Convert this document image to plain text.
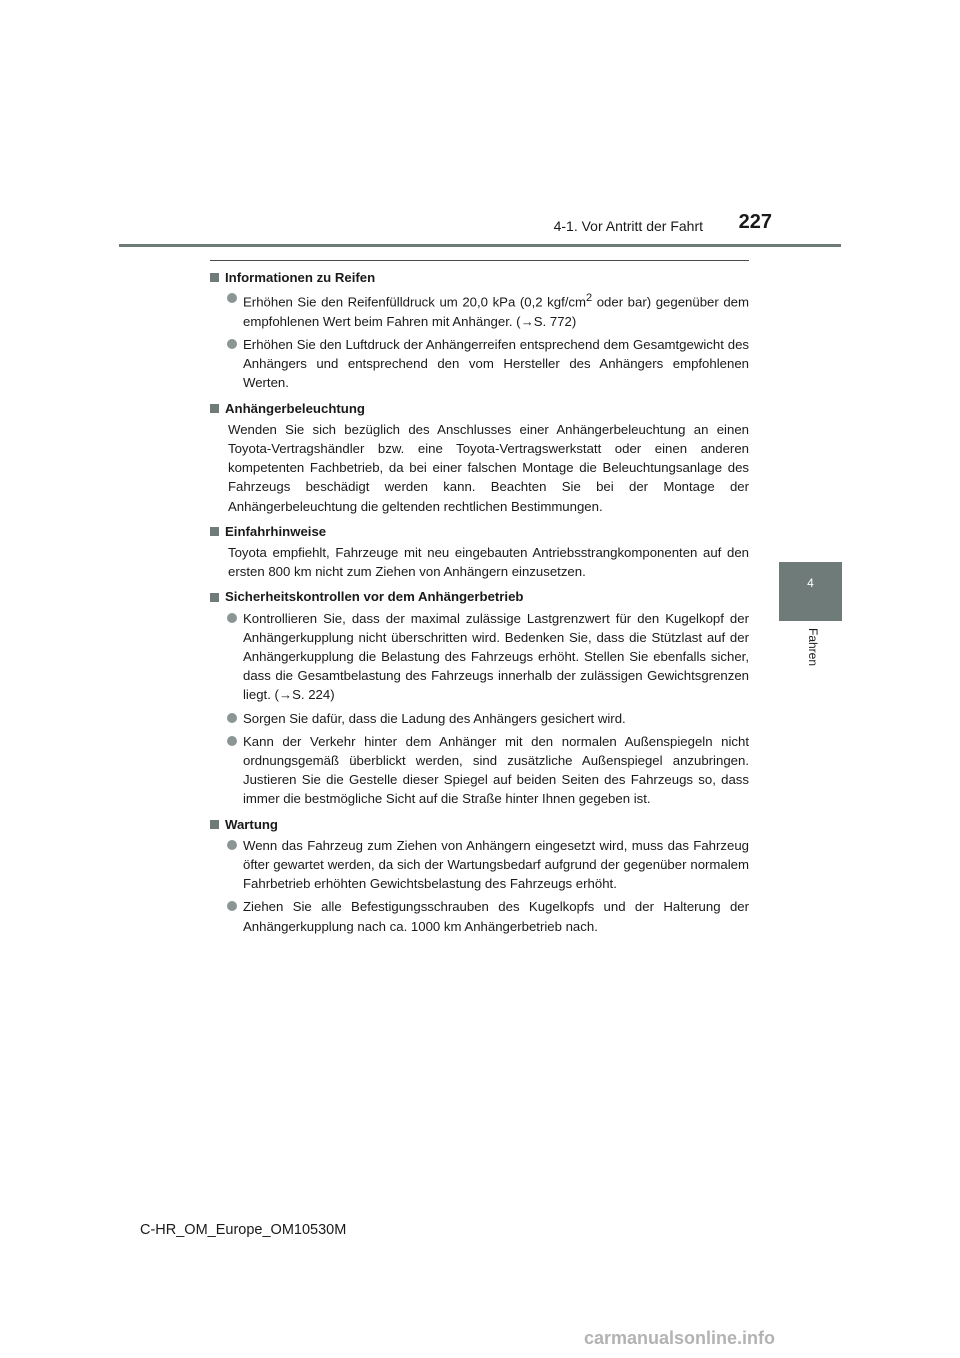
4-1. Vor Antritt der Fahrt	227
4
Fahren
Informationen zu Reifen
Erhöhen Sie den Reifenfülldruck um 20,0 kPa (0,2 kgf/$cm^2$ oder bar) gegenüber dem empfohlenen Wert beim Fahren mit Anhänger. (→S. 772)
Erhöhen Sie den Luftdruck der Anhängerreifen entsprechend dem Gesamtgewicht des Anhängers und entsprechend den vom Hersteller des Anhängers empfohlenen Werten.
Anhängerbeleuchtung
Wenden Sie sich bezüglich des Anschlusses einer Anhängerbeleuchtung an einen Toyota-Vertragshändler bzw. eine Toyota-Vertragswerkstatt oder einen anderen kompetenten Fachbetrieb, da bei einer falschen Montage die Beleuchtungsanlage des Fahrzeugs beschädigt werden kann. Beachten Sie bei der Montage der Anhängerbeleuchtung die geltenden rechtlichen Bestimmungen.
Einfahrhinweise
Toyota empfiehlt, Fahrzeuge mit neu eingebauten Antriebsstrangkomponenten auf den ersten 800 km nicht zum Ziehen von Anhängern einzusetzen.
Sicherheitskontrollen vor dem Anhängerbetrieb
Kontrollieren Sie, dass der maximal zulässige Lastgrenzwert für den Kugelkopf der Anhängerkupplung nicht überschritten wird. Bedenken Sie, dass die Stützlast auf der Anhängerkupplung die Belastung des Fahrzeugs erhöht. Stellen Sie ebenfalls sicher, dass die Gesamtbelastung des Fahrzeugs innerhalb der zulässigen Gewichtsgrenzen liegt. (→S. 224)
Sorgen Sie dafür, dass die Ladung des Anhängers gesichert wird.
Kann der Verkehr hinter dem Anhänger mit den normalen Außenspiegeln nicht ordnungsgemäß überblickt werden, sind zusätzliche Außenspiegel anzubringen. Justieren Sie die Gestelle dieser Spiegel auf beiden Seiten des Fahrzeugs so, dass immer die bestmögliche Sicht auf die Straße hinter Ihnen gegeben ist.
Wartung
Wenn das Fahrzeug zum Ziehen von Anhängern eingesetzt wird, muss das Fahrzeug öfter gewartet werden, da sich der Wartungsbedarf aufgrund der gegenüber normalem Fahrbetrieb erhöhten Gewichtsbelastung des Fahrzeugs erhöht.
Ziehen Sie alle Befestigungsschrauben des Kugelkopfs und der Halterung der Anhängerkupplung nach ca. 1000 km Anhängerbetrieb nach.
C-HR_OM_Europe_OM10530M
carmanualsonline.info
